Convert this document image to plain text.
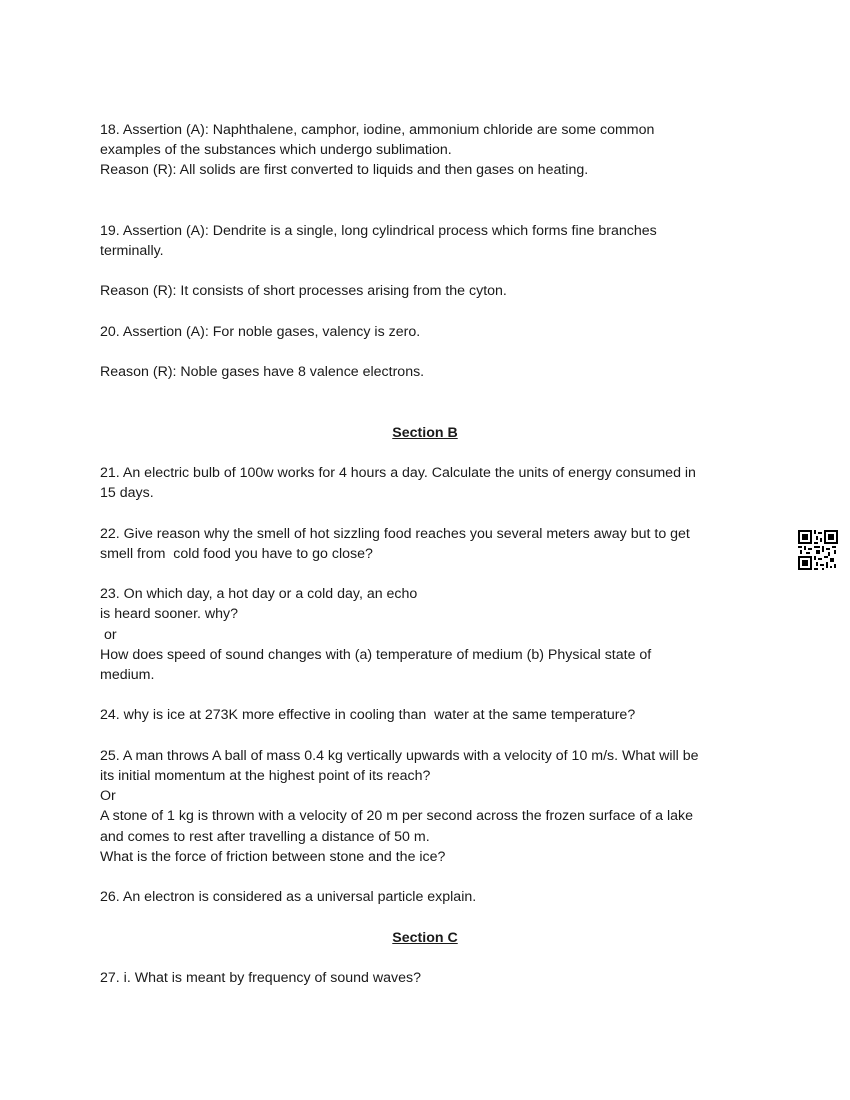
18. Assertion (A): Naphthalene, camphor, iodine, ammonium chloride are some common
examples of the substances which undergo sublimation.
Reason (R): All solids are first converted to liquids and then gases on heating.
19. Assertion (A): Dendrite is a single, long cylindrical process which forms fine branches
terminally.
Reason (R): It consists of short processes arising from the cyton.
20. Assertion (A): For noble gases, valency is zero.
Reason (R): Noble gases have 8 valence electrons.
Section B
21. An electric bulb of 100w works for 4 hours a day. Calculate the units of energy consumed in
15 days.
22. Give reason why the smell of hot sizzling food reaches you several meters away but to get
smell from  cold food you have to go close?
23. On which day, a hot day or a cold day, an echo
is heard sooner. why?
or
How does speed of sound changes with (a) temperature of medium (b) Physical state of
medium.
24. why is ice at 273K more effective in cooling than  water at the same temperature?
25. A man throws A ball of mass 0.4 kg vertically upwards with a velocity of 10 m/s. What will be
its initial momentum at the highest point of its reach?
Or
A stone of 1 kg is thrown with a velocity of 20 m per second across the frozen surface of a lake
and comes to rest after travelling a distance of 50 m.
What is the force of friction between stone and the ice?
26. An electron is considered as a universal particle explain.
Section C
27. i. What is meant by frequency of sound waves?
